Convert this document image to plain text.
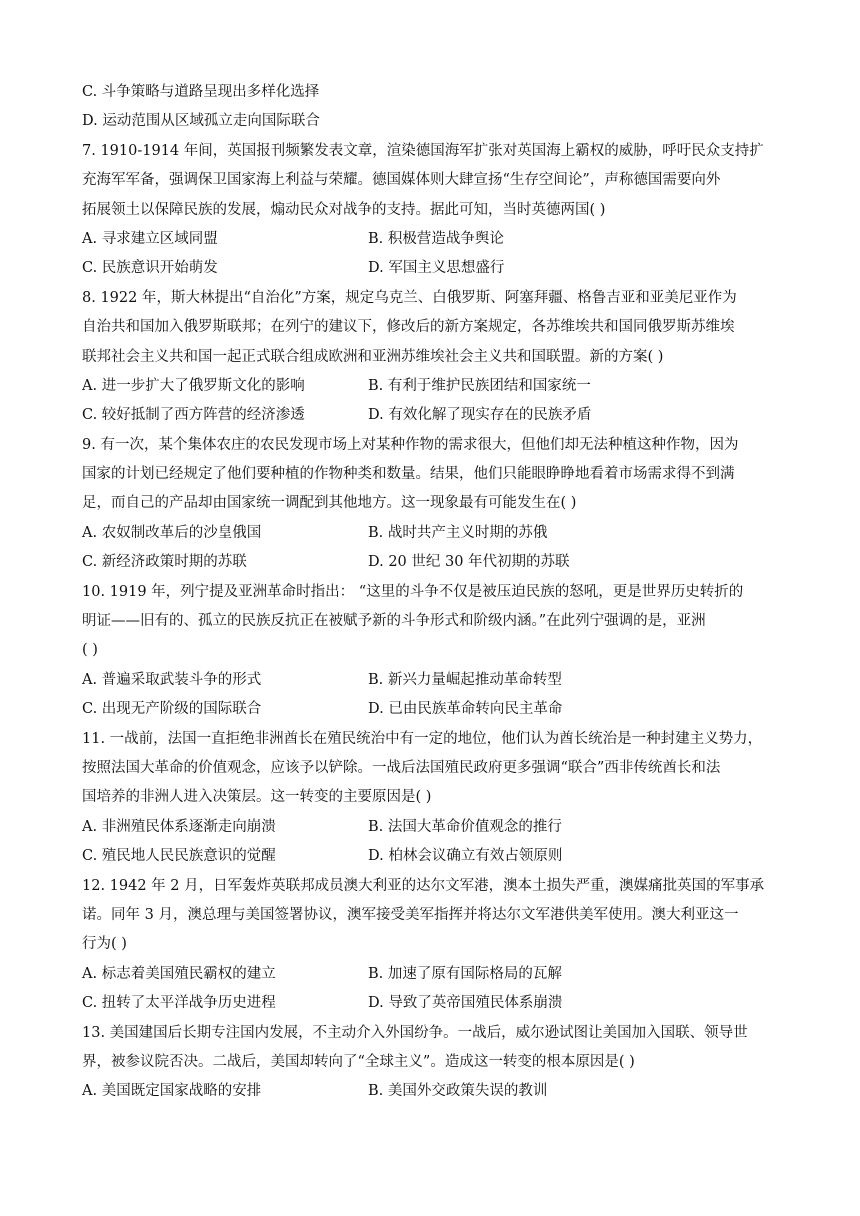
C. 斗争策略与道路呈现出多样化选择
D. 运动范围从区域孤立走向国际联合
7. 1910-1914 年间，英国报刊频繁发表文章，渲染德国海军扩张对英国海上霸权的威胁，呼吁民众支持扩
充海军军备，强调保卫国家海上利益与荣耀。德国媒体则大肆宣扬“生存空间论”，声称德国需要向外
拓展领土以保障民族的发展，煽动民众对战争的支持。据此可知，当时英德两国( )
A. 寻求建立区域同盟	B. 积极营造战争舆论
C. 民族意识开始萌发	D. 军国主义思想盛行
8. 1922 年，斯大林提出“自治化”方案，规定乌克兰、白俄罗斯、阿塞拜疆、格鲁吉亚和亚美尼亚作为
自治共和国加入俄罗斯联邦；在列宁的建议下，修改后的新方案规定，各苏维埃共和国同俄罗斯苏维埃
联邦社会主义共和国一起正式联合组成欧洲和亚洲苏维埃社会主义共和国联盟。新的方案( )
A. 进一步扩大了俄罗斯文化的影响	B. 有利于维护民族团结和国家统一
C. 较好抵制了西方阵营的经济渗透	D. 有效化解了现实存在的民族矛盾
9. 有一次，某个集体农庄的农民发现市场上对某种作物的需求很大，但他们却无法种植这种作物，因为
国家的计划已经规定了他们要种植的作物种类和数量。结果，他们只能眼睁睁地看着市场需求得不到满
足，而自己的产品却由国家统一调配到其他地方。这一现象最有可能发生在( )
A. 农奴制改革后的沙皇俄国	B. 战时共产主义时期的苏俄
C. 新经济政策时期的苏联	D. 20 世纪 30 年代初期的苏联
10. 1919 年，列宁提及亚洲革命时指出： “这里的斗争不仅是被压迫民族的怒吼，更是世界历史转折的
明证——旧有的、孤立的民族反抗正在被赋予新的斗争形式和阶级内涵。”在此列宁强调的是，亚洲
( )
A. 普遍采取武装斗争的形式	B. 新兴力量崛起推动革命转型
C. 出现无产阶级的国际联合	D. 已由民族革命转向民主革命
11. 一战前，法国一直拒绝非洲酋长在殖民统治中有一定的地位，他们认为酋长统治是一种封建主义势力，
按照法国大革命的价值观念，应该予以铲除。一战后法国殖民政府更多强调“联合”西非传统酋长和法
国培养的非洲人进入决策层。这一转变的主要原因是( )
A. 非洲殖民体系逐渐走向崩溃	B. 法国大革命价值观念的推行
C. 殖民地人民民族意识的觉醒	D. 柏林会议确立有效占领原则
12. 1942 年 2 月，日军轰炸英联邦成员澳大利亚的达尔文军港，澳本土损失严重，澳媒痛批英国的军事承
诺。同年 3 月，澳总理与美国签署协议，澳军接受美军指挥并将达尔文军港供美军使用。澳大利亚这一
行为( )
A. 标志着美国殖民霸权的建立	B. 加速了原有国际格局的瓦解
C. 扭转了太平洋战争历史进程	D. 导致了英帝国殖民体系崩溃
13. 美国建国后长期专注国内发展，不主动介入外国纷争。一战后，威尔逊试图让美国加入国联、领导世
界，被参议院否决。二战后，美国却转向了“全球主义”。造成这一转变的根本原因是( )
A. 美国既定国家战略的安排	B. 美国外交政策失误的教训
